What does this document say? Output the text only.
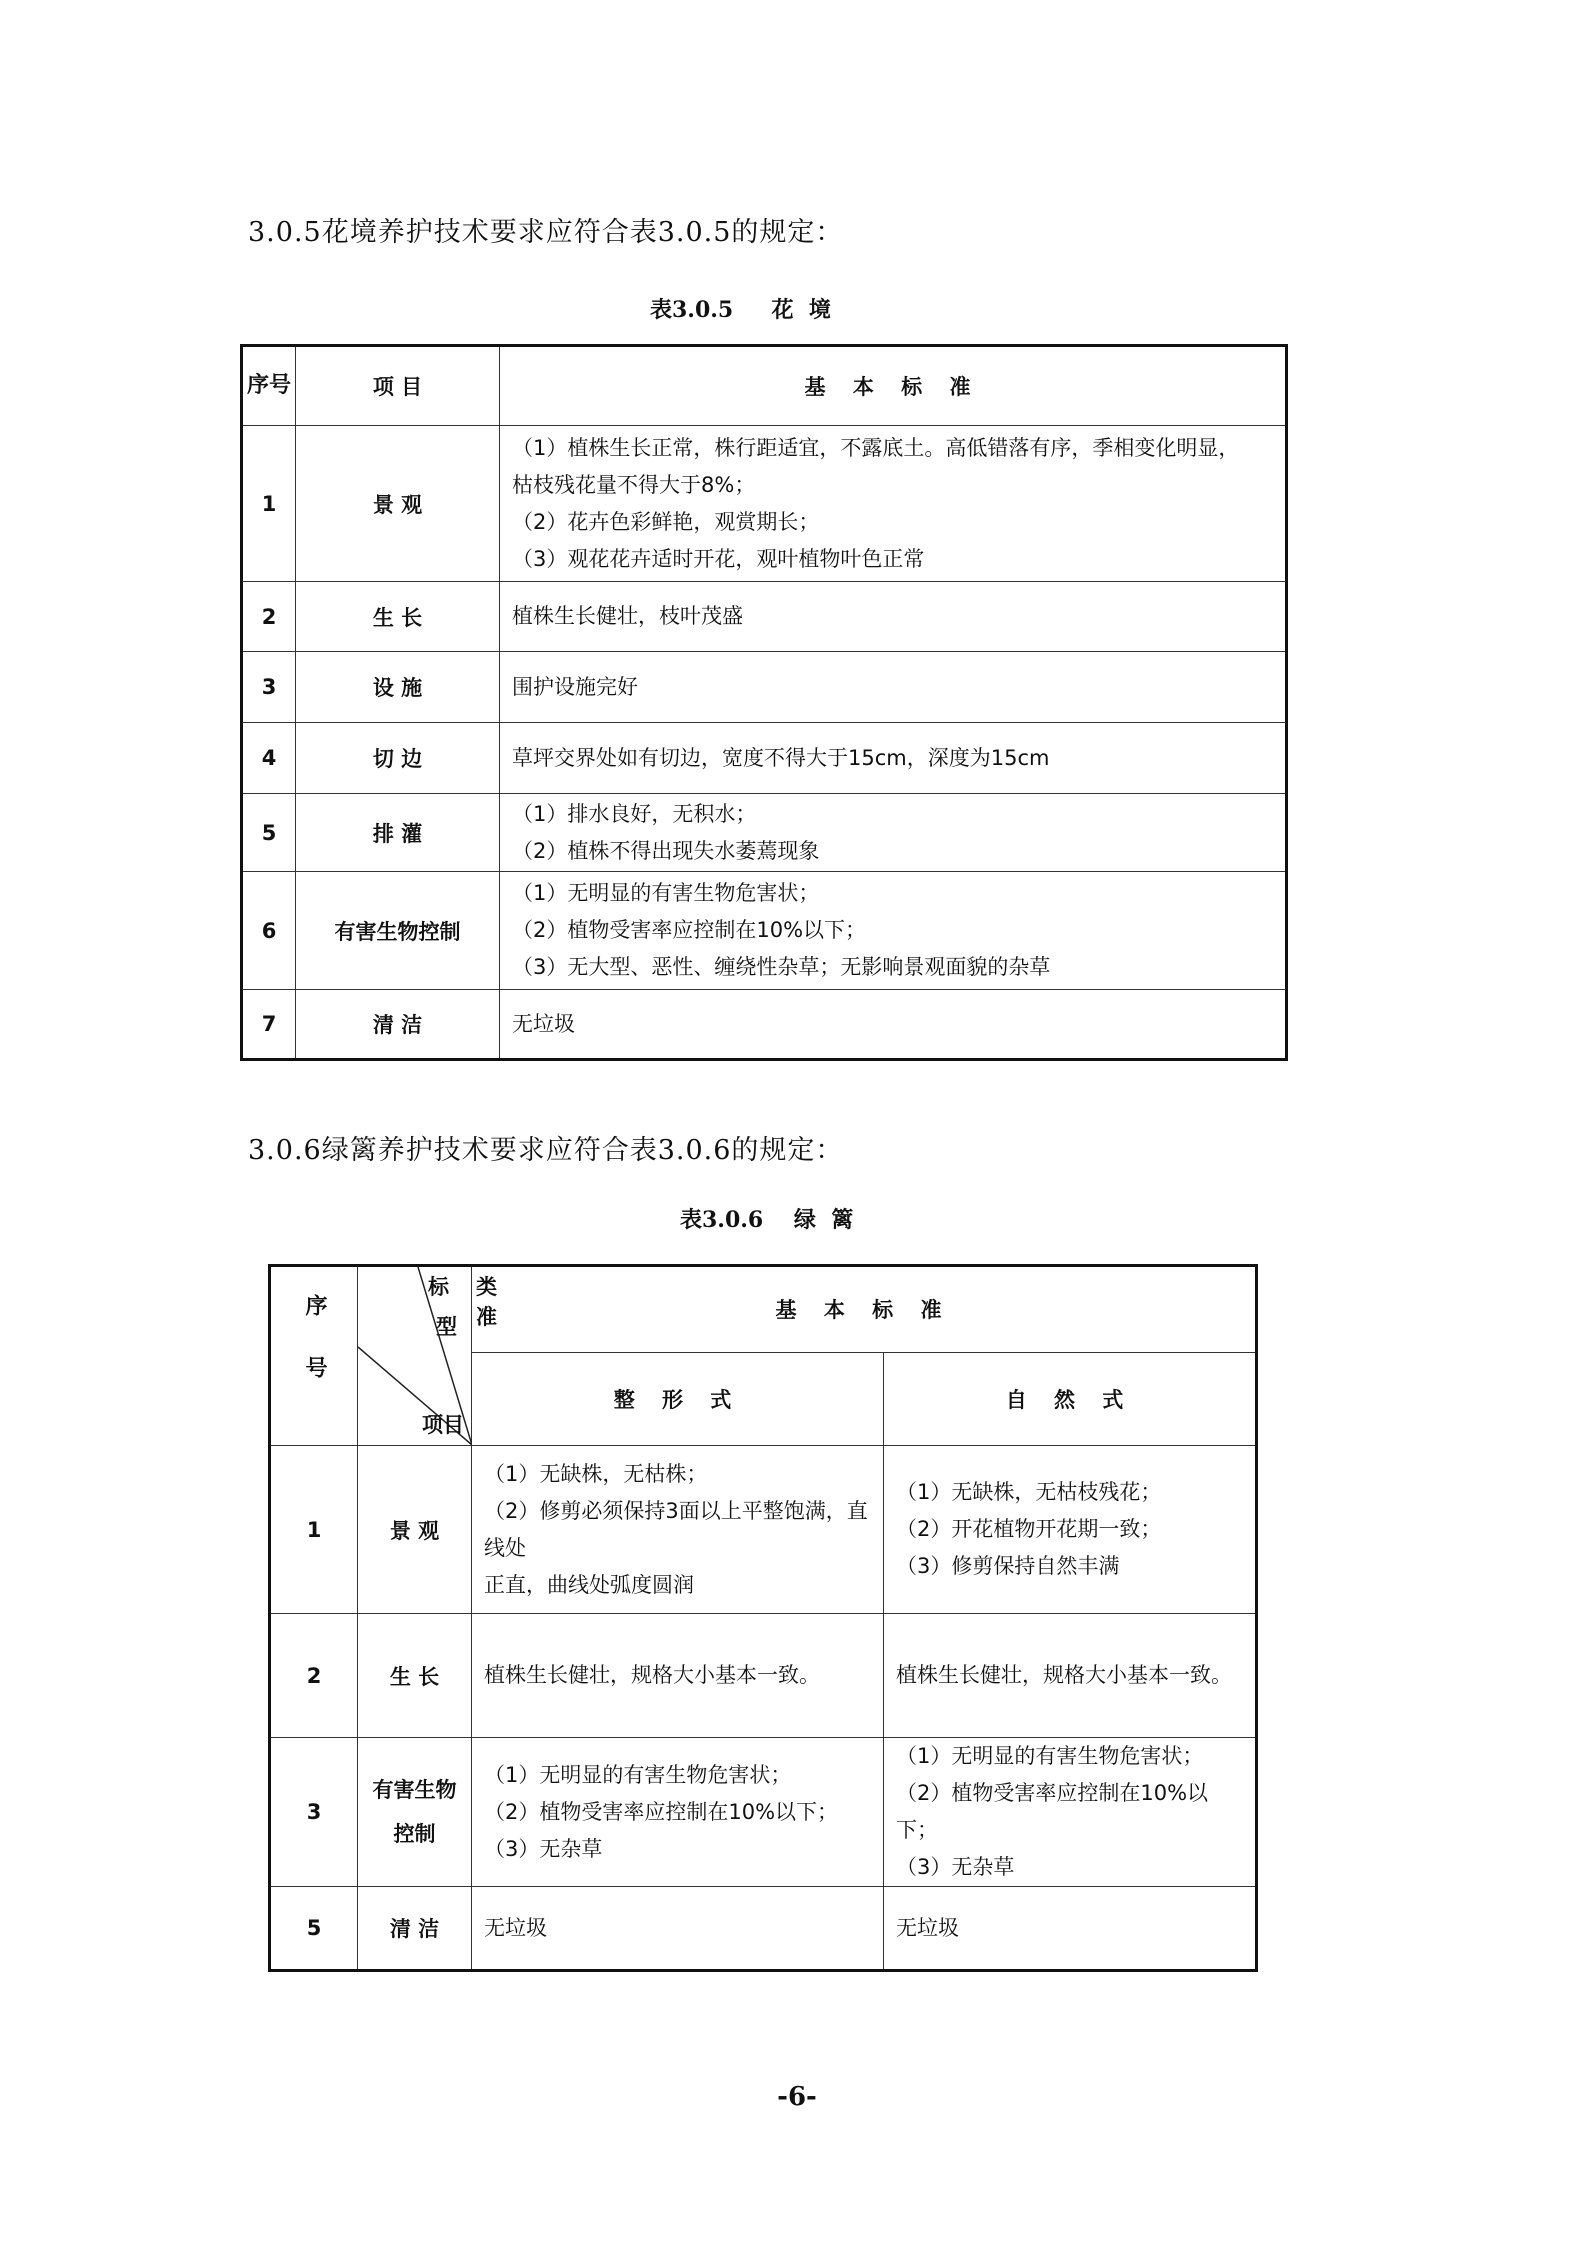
3.0.5花境养护技术要求应符合表3.0.5的规定：
表3.0.5     花  境
序号	项 目	基 本 标 准
1	景 观	（1）植株生长正常，株行距适宜，不露底土。高低错落有序，季相变化明显，
枯枝残花量不得大于8%；
（2）花卉色彩鲜艳，观赏期长；
（3）观花花卉适时开花，观叶植物叶色正常

2	生 长	植株生长健壮，枝叶茂盛

3	设 施	围护设施完好

4	切 边	草坪交界处如有切边，宽度不得大于15cm，深度为15cm

5	排 灌	（1）排水良好，无积水；
（2）植株不得出现失水萎蔫现象

6	有害生物控制	（1）无明显的有害生物危害状；
（2）植物受害率应控制在10%以下；
（3）无大型、恶性、缠绕性杂草；无影响景观面貌的杂草

7	清 洁	无垃圾
3.0.6绿篱养护技术要求应符合表3.0.6的规定：
表3.0.6    绿  篱
序号	标 类准
型
项目	基 本 标 准	
		整 形 式	自 然 式
1	景 观	（1）无缺株，无枯株；
（2）修剪必须保持3面以上平整饱满，直线处
正直，曲线处弧度圆润	（1）无缺株，无枯枝残花；
（2）开花植物开花期一致；
（3）修剪保持自然丰满

2	生 长	植株生长健壮，规格大小基本一致。	植株生长健壮，规格大小基本一致。

3	有害生物控制	（1）无明显的有害生物危害状；
（2）植物受害率应控制在10%以下；
（3）无杂草	（1）无明显的有害生物危害状；
（2）植物受害率应控制在10%以下；
（3）无杂草

5	清 洁	无垃圾	无垃圾
-6-
